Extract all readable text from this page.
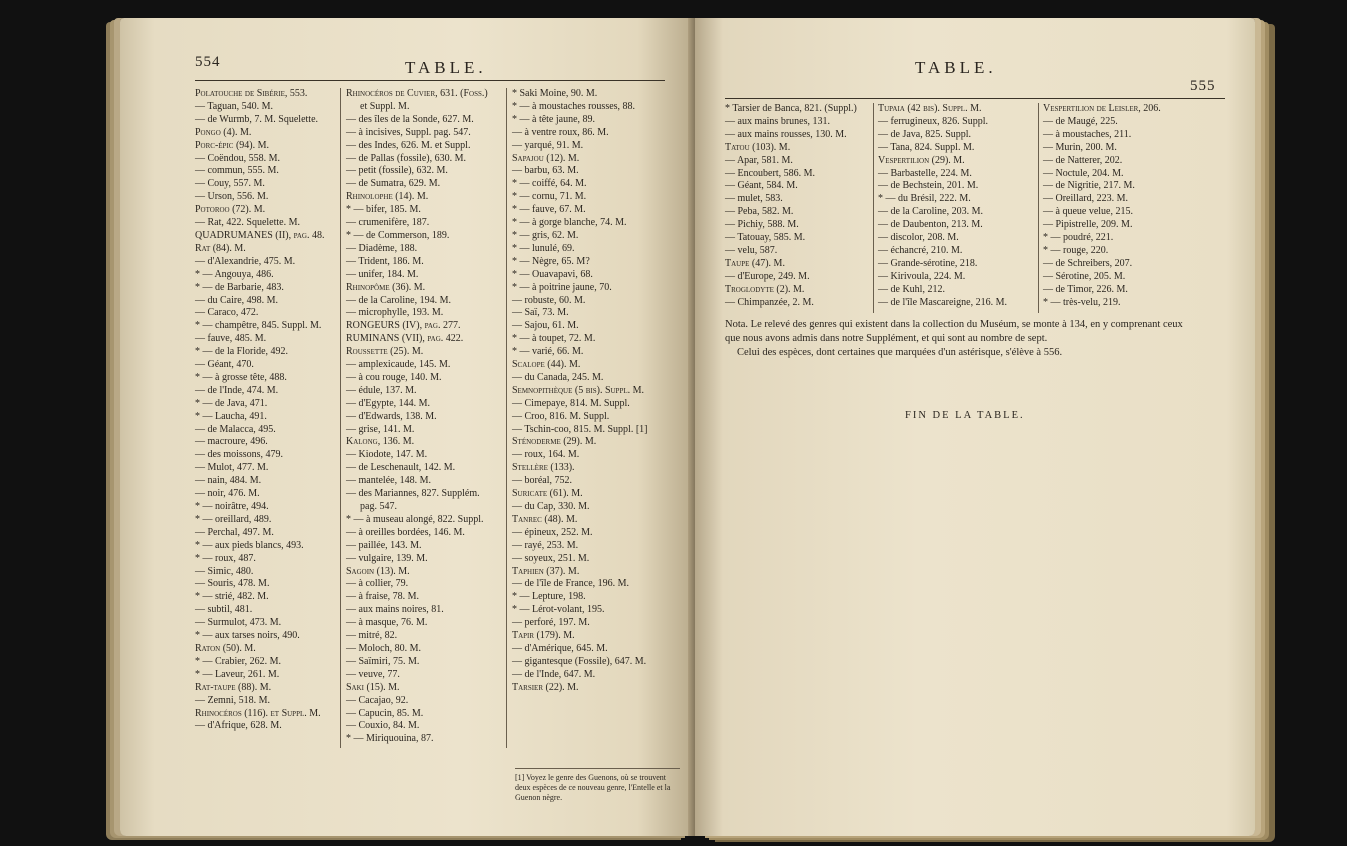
554	TABLE.
Polatouche de Sibérie, 553.
— Taguan, 540. M.
— de Wurmb, 7. M. Squelette.
Pongo (4). M.
Porc-épic (94). M.
— Coëndou, 558. M.
— commun, 555. M.
— Couy, 557. M.
— Urson, 556. M.
Potoroo (72). M.
— Rat, 422. Squelette. M.
QUADRUMANES (II), pag. 48.
Rat (84). M.
— d'Alexandrie, 475. M.
* — Angouya, 486.
* — de Barbarie, 483.
— du Caire, 498. M.
— Caraco, 472.
* — champêtre, 845. Suppl. M.
— fauve, 485. M.
* — de la Floride, 492.
— Géant, 470.
* — à grosse tête, 488.
— de l'Inde, 474. M.
* — de Java, 471.
* — Laucha, 491.
— de Malacca, 495.
— macroure, 496.
— des moissons, 479.
— Mulot, 477. M.
— nain, 484. M.
— noir, 476. M.
* — noirâtre, 494.
* — oreillard, 489.
— Perchal, 497. M.
* — aux pieds blancs, 493.
* — roux, 487.
— Simic, 480.
— Souris, 478. M.
* — strié, 482. M.
— subtil, 481.
— Surmulot, 473. M.
* — aux tarses noirs, 490.
Raton (50). M.
* — Crabier, 262. M.
* — Laveur, 261. M.
Rat-taupe (88). M.
— Zemni, 518. M.
Rhinocéros (116). et Suppl. M.
— d'Afrique, 628. M.
Rhinocéros de Cuvier, 631. (Foss.)
et Suppl. M.
— des îles de la Sonde, 627. M.
— à incisives, Suppl. pag. 547.
— des Indes, 626. M. et Suppl.
— de Pallas (fossile), 630. M.
— petit (fossile), 632. M.
— de Sumatra, 629. M.
Rhinolophe (14). M.
* — bifer, 185. M.
— crumenifère, 187.
* — de Commerson, 189.
— Diadème, 188.
— Trident, 186. M.
— unifer, 184. M.
Rhinopôme (36). M.
— de la Caroline, 194. M.
— microphylle, 193. M.
RONGEURS (IV), pag. 277.
RUMINANS (VII), pag. 422.
Roussette (25). M.
— amplexicaude, 145. M.
— à cou rouge, 140. M.
— édule, 137. M.
— d'Egypte, 144. M.
— d'Edwards, 138. M.
— grise, 141. M.
Kalong, 136. M.
— Kiodote, 147. M.
— de Leschenault, 142. M.
— mantelée, 148. M.
— des Mariannes, 827. Supplém.
pag. 547.
* — à museau alongé, 822. Suppl.
— à oreilles bordées, 146. M.
— paillée, 143. M.
— vulgaire, 139. M.
Sagoin (13). M.
— à collier, 79.
— à fraise, 78. M.
— aux mains noires, 81.
— à masque, 76. M.
— mitré, 82.
— Moloch, 80. M.
— Saïmiri, 75. M.
— veuve, 77.
Saki (15). M.
— Cacajao, 92.
— Capucin, 85. M.
— Couxio, 84. M.
* — Miriquouina, 87.
* Saki Moine, 90. M.
* — à moustaches rousses, 88.
* — à tête jaune, 89.
— à ventre roux, 86. M.
— yarqué, 91. M.
Sapajou (12). M.
— barbu, 63. M.
* — coiffé, 64. M.
* — cornu, 71. M.
* — fauve, 67. M.
* — à gorge blanche, 74. M.
* — gris, 62. M.
* — lunulé, 69.
* — Nègre, 65. M?
* — Ouavapavi, 68.
* — à poitrine jaune, 70.
— robuste, 60. M.
— Saï, 73. M.
— Sajou, 61. M.
* — à toupet, 72. M.
* — varié, 66. M.
Scalope (44). M.
— du Canada, 245. M.
Semnopithèque (5 bis). Suppl. M.
— Cimepaye, 814. M. Suppl.
— Croo, 816. M. Suppl.
— Tschin-coo, 815. M. Suppl. [1]
Sténoderme (29). M.
— roux, 164. M.
Stellère (133).
— boréal, 752.
Suricate (61). M.
— du Cap, 330. M.
Tanrec (48). M.
— épineux, 252. M.
— rayé, 253. M.
— soyeux, 251. M.
Taphien (37). M.
— de l'île de France, 196. M.
* — Lepture, 198.
* — Lérot-volant, 195.
— perforé, 197. M.
Tapir (179). M.
— d'Amérique, 645. M.
— gigantesque (Fossile), 647. M.
— de l'Inde, 647. M.
Tarsier (22). M.
[1] Voyez le genre des Guenons, où se trouvent deux espèces de ce nouveau genre, l'Entelle et la Guenon nègre.
TABLE.
555
* Tarsier de Banca, 821. (Suppl.)
— aux mains brunes, 131.
— aux mains rousses, 130. M.
Tatou (103). M.
— Apar, 581. M.
— Encoubert, 586. M.
— Géant, 584. M.
— mulet, 583.
— Peba, 582. M.
— Pichiy, 588. M.
— Tatouay, 585. M.
— velu, 587.
Taupe (47). M.
— d'Europe, 249. M.
Troglodyte (2). M.
— Chimpanzée, 2. M.
Tupaia (42 bis). Suppl. M.
— ferrugineux, 826. Suppl.
— de Java, 825. Suppl.
— Tana, 824. Suppl. M.
Vespertilion (29). M.
— Barbastelle, 224. M.
— de Bechstein, 201. M.
* — du Brésil, 222. M.
— de la Caroline, 203. M.
— de Daubenton, 213. M.
— discolor, 208. M.
— échancré, 210. M.
— Grande-sérotine, 218.
— Kirivoula, 224. M.
— de Kuhl, 212.
— de l'île Mascareigne, 216. M.
Vespertilion de Leisler, 206.
— de Maugé, 225.
— à moustaches, 211.
— Murin, 200. M.
— de Natterer, 202.
— Noctule, 204. M.
— de Nigritie, 217. M.
— Oreillard, 223. M.
— à queue velue, 215.
— Pipistrelle, 209. M.
* — poudré, 221.
* — rouge, 220.
— de Schreibers, 207.
— Sérotine, 205. M.
— de Timor, 226. M.
* — très-velu, 219.
Nota. Le relevé des genres qui existent dans la collection du Muséum, se monte à 134, en y comprenant ceux
que nous avons admis dans notre Supplément, et qui sont au nombre de sept.
Celui des espèces, dont certaines que marquées d'un astérisque, s'élève à 556.
FIN DE LA TABLE.
